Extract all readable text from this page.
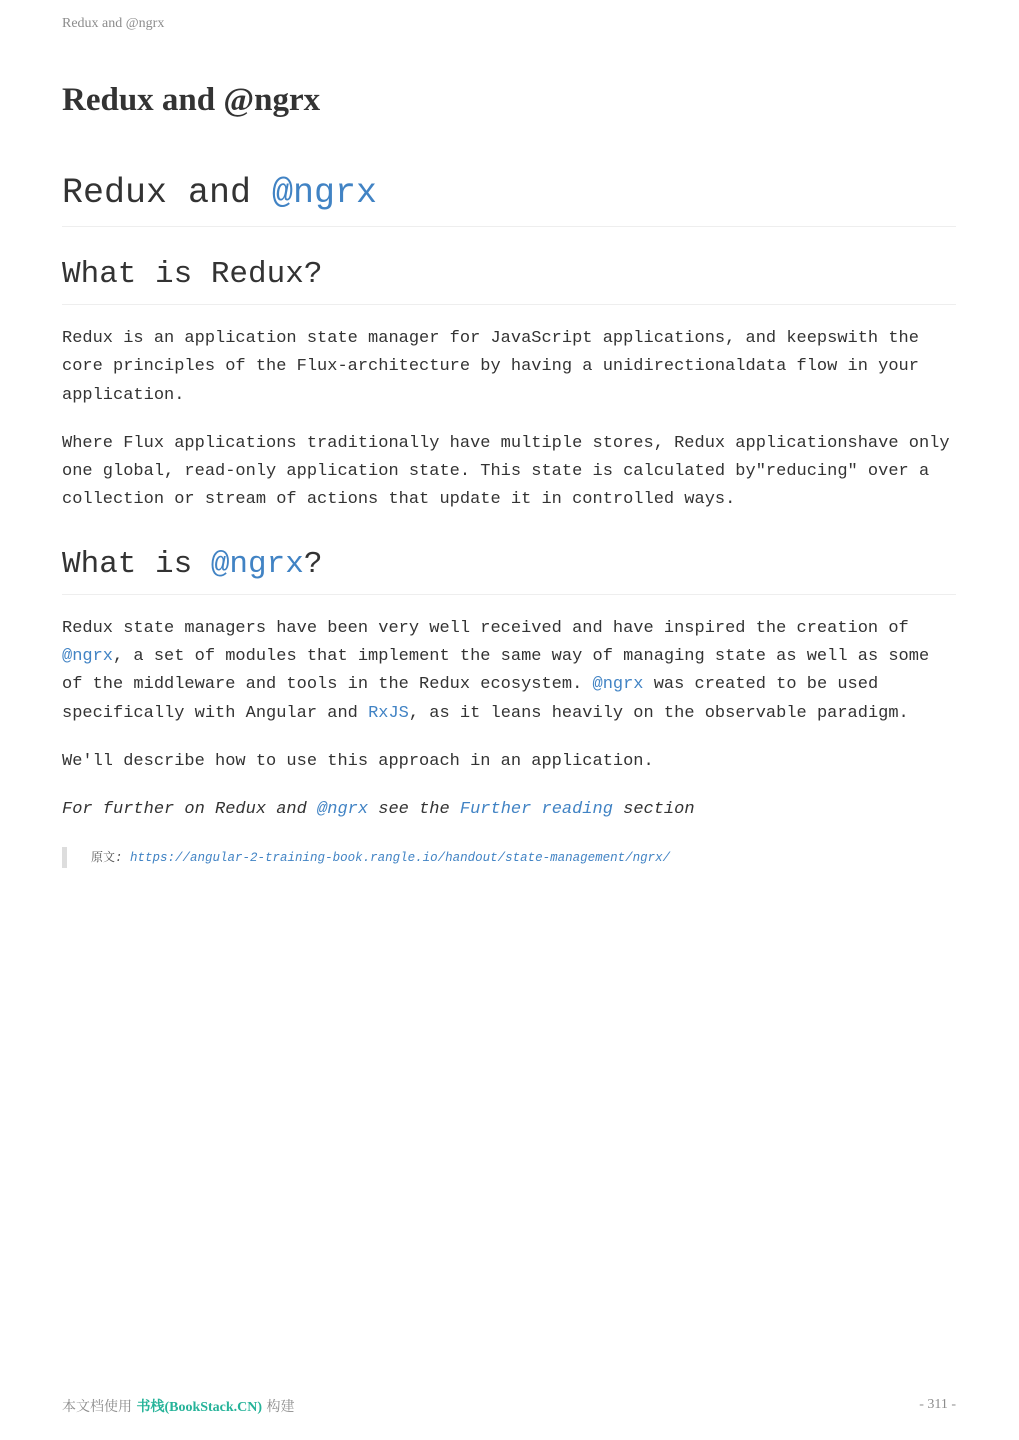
Redux and @ngrx
Redux and @ngrx
Redux and @ngrx
What is Redux?

Redux is an application state manager for JavaScript applications, and keepswith the core principles of the Flux-architecture by having a unidirectionaldata flow in your application.

Where Flux applications traditionally have multiple stores, Redux applicationshave only one global, read-only application state. This state is calculated by"reducing" over a collection or stream of actions that update it in controlled ways.

What is @ngrx?

Redux state managers have been very well received and have inspired the creation of @ngrx, a set of modules that implement the same way of managing state as well as some of the middleware and tools in the Redux ecosystem. @ngrx was created to be used specifically with Angular and RxJS, as it leans heavily on the observable paradigm.

We'll describe how to use this approach in an application.

For further on Redux and @ngrx see the Further reading section

原文: https://angular-2-training-book.rangle.io/handout/state-management/ngrx/
本文档使用 书栈(BookStack.CN) 构建	- 311 -
